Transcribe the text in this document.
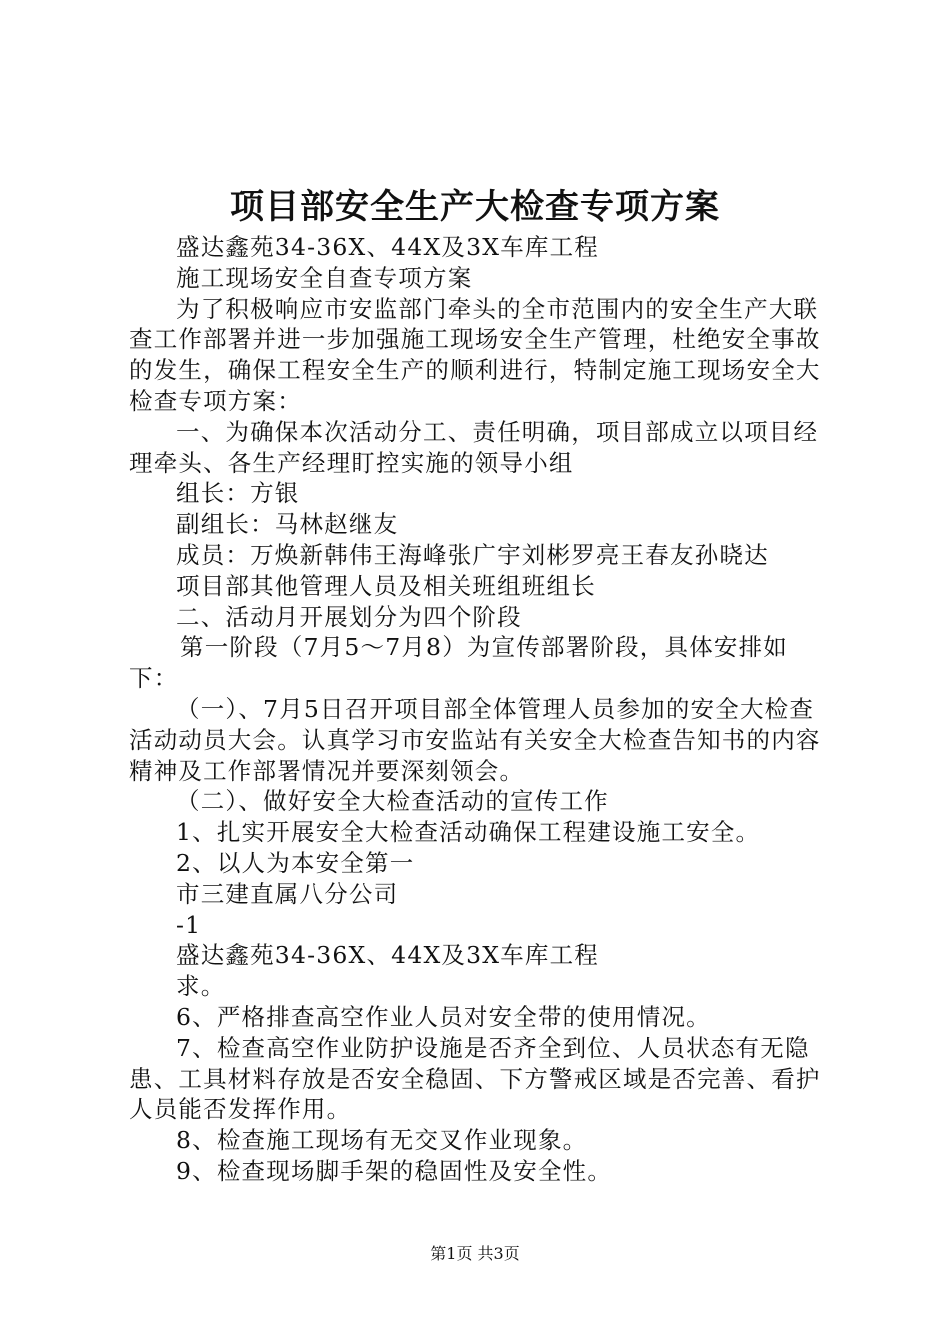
项目部安全生产大检查专项方案

盛达鑫苑34-36X、44X及3X车库工程

施工现场安全自查专项方案

为了积极响应市安监部门牵头的全市范围内的安全生产大联查工作部署并进一步加强施工现场安全生产管理，杜绝安全事故的发生，确保工程安全生产的顺利进行，特制定施工现场安全大检查专项方案：

一、为确保本次活动分工、责任明确，项目部成立以项目经理牵头、各生产经理盯控实施的领导小组

组长：方银

副组长：马林赵继友

成员：万焕新韩伟王海峰张广宇刘彬罗亮王春友孙晓达

项目部其他管理人员及相关班组班组长

二、活动月开展划分为四个阶段

第一阶段（7月5～7月8）为宣传部署阶段，具体安排如下：

（一）、7月5日召开项目部全体管理人员参加的安全大检查活动动员大会。认真学习市安监站有关安全大检查告知书的内容精神及工作部署情况并要深刻领会。

（二）、做好安全大检查活动的宣传工作

1、扎实开展安全大检查活动确保工程建设施工安全。

2、以人为本安全第一

市三建直属八分公司

-1

盛达鑫苑34-36X、44X及3X车库工程

求。

6、严格排查高空作业人员对安全带的使用情况。

7、检查高空作业防护设施是否齐全到位、人员状态有无隐患、工具材料存放是否安全稳固、下方警戒区域是否完善、看护人员能否发挥作用。

8、检查施工现场有无交叉作业现象。

9、检查现场脚手架的稳固性及安全性。

第1页 共3页
